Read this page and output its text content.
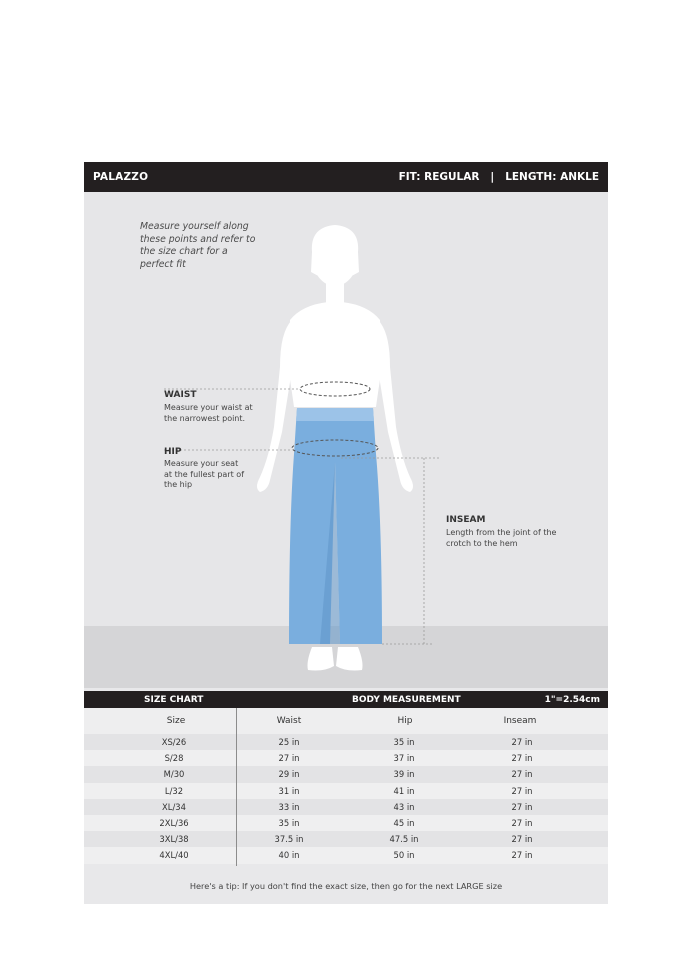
PALAZZO	FIT: REGULAR   |   LENGTH: ANKLE
Measure yourself along these points and refer to the size chart for a perfect fit
WAIST
Measure your waist at the narrowest point.
HIP
Measure your seat at the fullest part of the hip
INSEAM
Length from the joint of the crotch to the hem
SIZE CHART	BODY MEASUREMENT	1"=2.54cm
Size	Waist	Hip	Inseam
XS/26	25 in	35 in	27 in
S/28	27 in	37 in	27 in
M/30	29 in	39 in	27 in
L/32	31 in	41 in	27 in
XL/34	33 in	43 in	27 in
2XL/36	35 in	45 in	27 in
3XL/38	37.5 in	47.5 in	27 in
4XL/40	40 in	50 in	27 in
Here's a tip: If you don't find the exact size, then go for the next LARGE size
